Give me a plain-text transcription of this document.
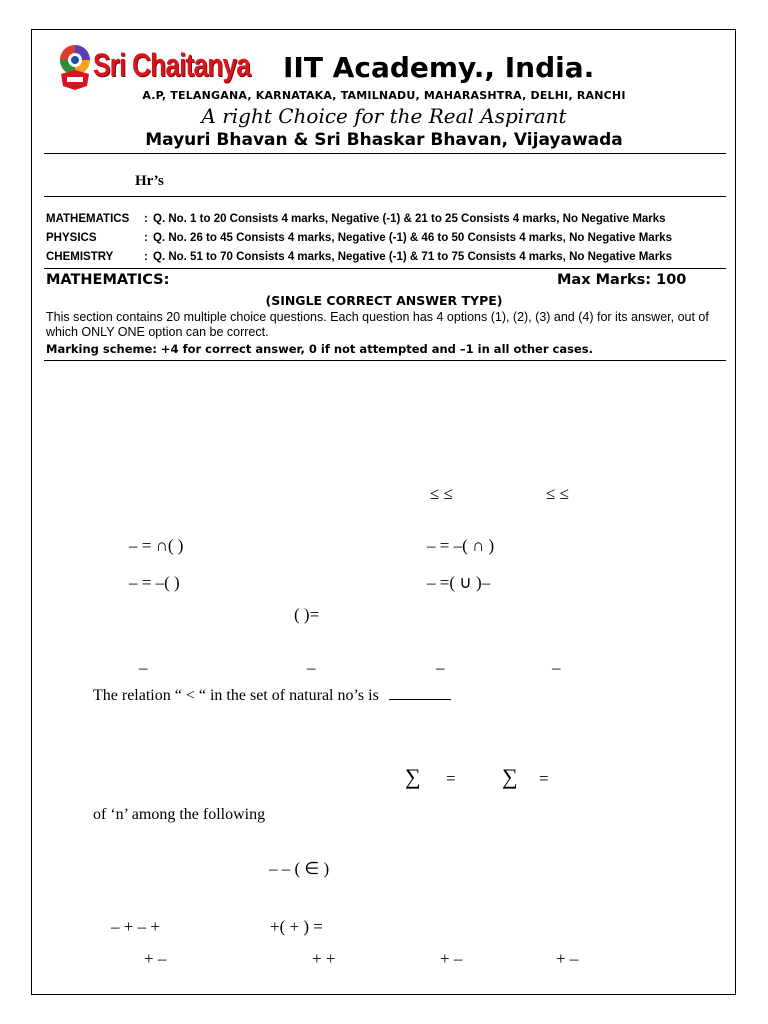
Sri Chaitanya IIT Academy., India.
A.P, TELANGANA, KARNATAKA, TAMILNADU, MAHARASHTRA, DELHI, RANCHI
A right Choice for the Real Aspirant
Mayuri Bhavan & Sri Bhaskar Bhavan, Vijayawada
Hr’s
MATHEMATICS : Q. No. 1 to 20 Consists 4 marks, Negative (-1) & 21 to 25 Consists 4 marks, No Negative Marks
PHYSICS	: Q. No. 26 to 45 Consists 4 marks, Negative (-1) & 46 to 50 Consists 4 marks, No Negative Marks
CHEMISTRY	: Q. No. 51 to 70 Consists 4 marks, Negative (-1) & 71 to 75 Consists 4 marks, No Negative Marks
MATHEMATICS:	Max Marks: 100
(SINGLE CORRECT ANSWER TYPE)
This section contains 20 multiple choice questions. Each question has 4 options (1), (2), (3) and (4) for its answer, out of which ONLY ONE option can be correct.
Marking scheme: +4 for correct answer, 0 if not attempted and –1 in all other cases.
≤ ≤	≤ ≤
– = ∩( )	– = –( ∩ )
– = –( )	– =( ∪ )–
( )=
–	–	–	–
The relation “ < “ in the set of natural no’s is
∑ = ∑ =
of ‘n’ among the following
– – ( ∈ )
– + – +	+( + ) =
+ –	+ +	+ –	+ –
